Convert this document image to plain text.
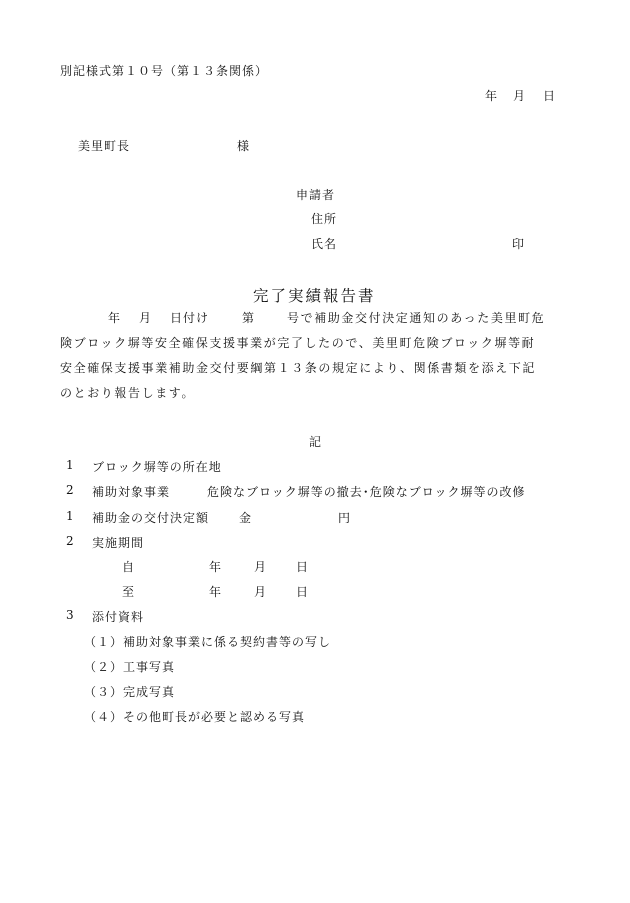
別記様式第１０号（第１３条関係）
年 月 日
美里町長	様
申請者
住所
氏名	印
完了実績報告書
年 月 日付け	第	号で補助金交付決定通知のあった美里町危
険ブロック塀等安全確保支援事業が完了したので、美里町危険ブロック塀等耐
安全確保支援事業補助金交付要綱第１３条の規定により、関係書類を添え下記
のとおり報告します。
記
1 ブロック塀等の所在地
2 補助対象事業	危険なブロック塀等の撤去･危険なブロック塀等の改修
1 補助金の交付決定額 金	円
2 実施期間
自	年	月 日
至	年	月 日
3 添付資料
（１）補助対象事業に係る契約書等の写し
（２）工事写真
（３）完成写真
（４）その他町長が必要と認める写真
